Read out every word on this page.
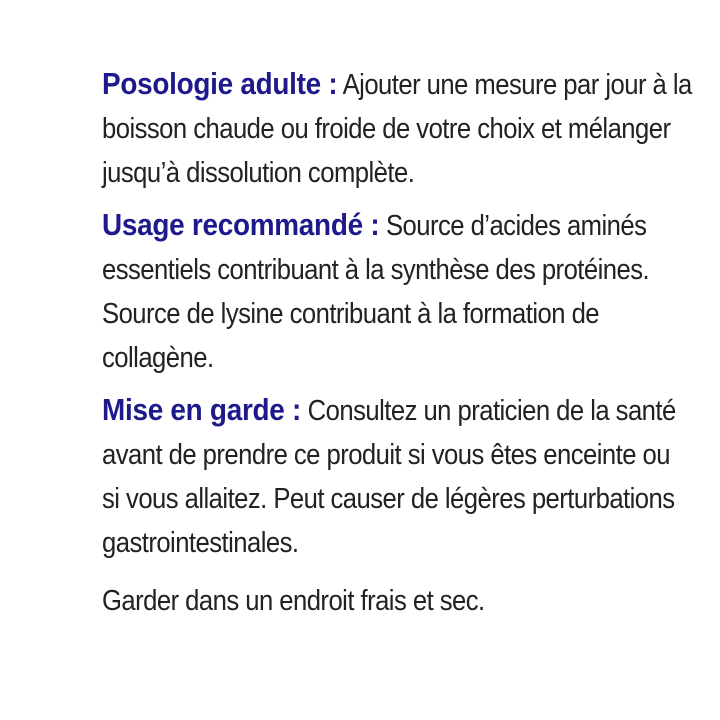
Posologie adulte : Ajouter une mesure par jour à la boisson chaude ou froide de votre choix et mélanger jusqu’à dissolution complète.
Usage recommandé : Source d’acides aminés essentiels contribuant à la synthèse des protéines. Source de lysine contribuant à la formation de collagène.
Mise en garde : Consultez un praticien de la santé avant de prendre ce produit si vous êtes enceinte ou si vous allaitez. Peut causer de légères perturbations gastrointestinales.
Garder dans un endroit frais et sec.
